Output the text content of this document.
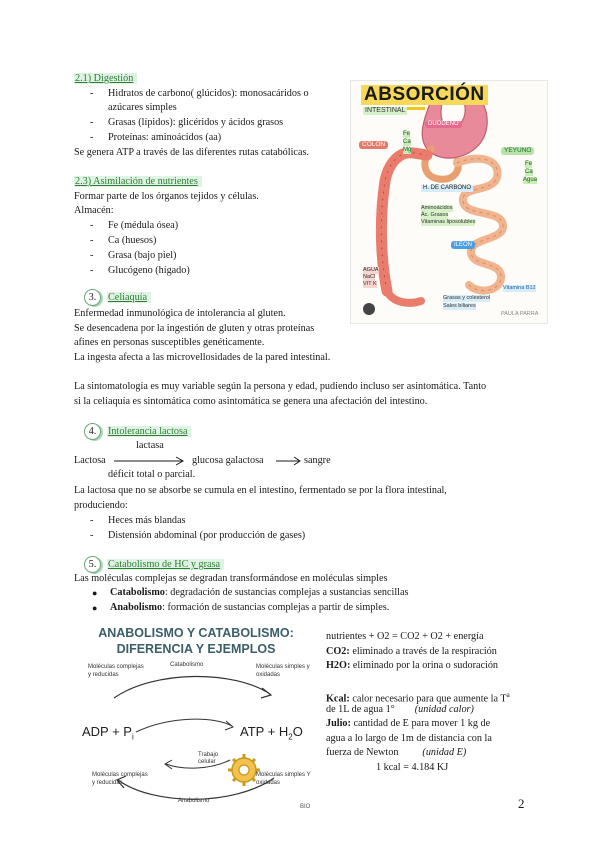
2.1) Digestión
- Hidratos de carbono( glúcidos): monosacáridos o
azúcares simples
- Grasas (lípidos): glicéridos y ácidos grasos
- Proteínas: aminoácidos (aa)
Se genera ATP a través de las diferentes rutas catabólicas.
2.3) Asimilación de nutrientes
Formar parte de los órganos tejidos y células.
Almacén:
- Fe (médula ósea)
- Ca (huesos)
- Grasa (bajo piel)
- Glucógeno (hígado)
3. Celiaquía
Enfermedad inmunológica de intolerancia al gluten.
Se desencadena por la ingestión de gluten y otras proteínas
afines en personas susceptibles genéticamente.
La ingesta afecta a las microvellosidades de la pared intestinal.
La sintomatología es muy variable según la persona y edad, pudiendo incluso ser asintomática. Tanto
si la celiaquía es sintomática como asintomática se genera una afectación del intestino.
ABSORCIÓN
INTESTINAL
DUODENO
COLON
YEYUNO
Fe
Ca
Mg
Fe
Ca
Agua
H. DE CARBONO
Aminoácidos
Ác. Grasos
Vitaminas liposolubles
ILEON
AGUA
NaCl
VIT K
Grasas y colesterol
Sales biliares
Vitamina B12
PAULA PARRA
4. Intolerancia lactosa
lactasa
Lactosa	glucosa galactosa → sangre
déficit total o parcial.
La lactosa que no se absorbe se cumula en el intestino, fermentado se por la flora intestinal,
produciendo:
- Heces más blandas
- Distensión abdominal (por producción de gases)
5. Catabolismo de HC y grasa
Las moléculas complejas se degradan transformándose en moléculas simples
● Catabolismo: degradación de sustancias complejas a sustancias sencillas
● Anabolismo: formación de sustancias complejas a partir de simples.
ANABOLISMO Y CATABOLISMO:
DIFERENCIA Y EJEMPLOS
Moléculas complejas y reducidas
Catabolismo	Moléculas simples y oxidadas
ADP + $P_i$	ATP + $H_2O$
Trabajo celular
Moléculas complejas y reducidas
Anabolismo
Moléculas simples Y oxidadas
BIO
nutrientes + O2 = CO2 + O2 + energía
CO2: eliminado a través de la respiración
H2O: eliminado por la orina o sudoración
Kcal: calor necesario para que aumente la $T^a$
de 1L de agua 1° (unidad calor)
Julio: cantidad de E para mover 1 kg de
agua a lo largo de 1m de distancia con la
fuerza de Newton (unidad E)
1 kcal = 4.184 KJ
2
